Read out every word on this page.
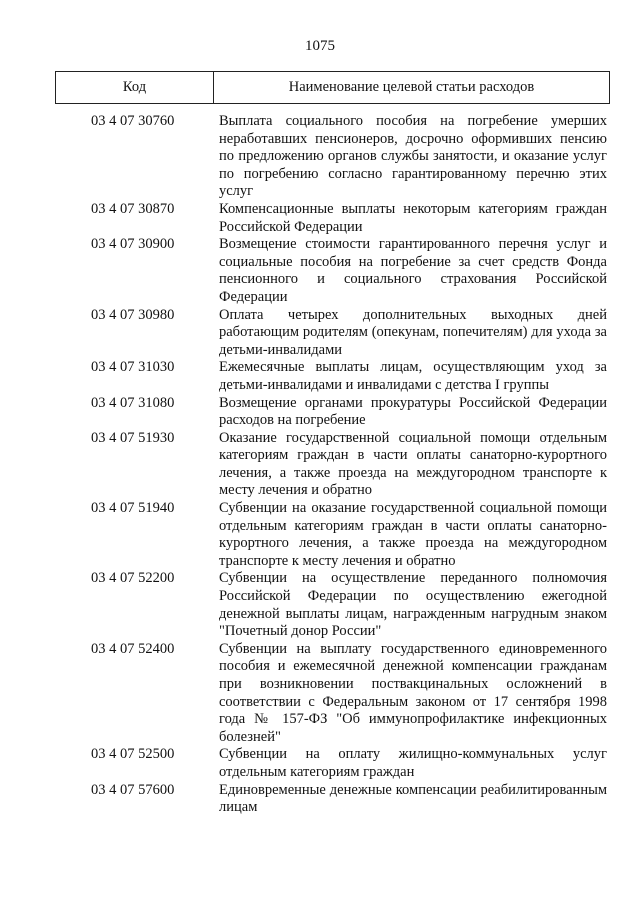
1075
Код	Наименование целевой статьи расходов
03 4 07 30760	Выплата социального пособия на погребение умерших неработавших пенсионеров, досрочно оформивших пенсию по предложению органов службы занятости, и оказание услуг по погребению согласно гарантированному перечню этих услуг
03 4 07 30870	Компенсационные выплаты некоторым категориям граждан Российской Федерации
03 4 07 30900	Возмещение стоимости гарантированного перечня услуг и социальные пособия на погребение за счет средств Фонда пенсионного и социального страхования Российской Федерации
03 4 07 30980	Оплата четырех дополнительных выходных дней работающим родителям (опекунам, попечителям) для ухода за детьми-инвалидами
03 4 07 31030	Ежемесячные выплаты лицам, осуществляющим уход за детьми-инвалидами и инвалидами с детства I группы
03 4 07 31080	Возмещение органами прокуратуры Российской Федерации расходов на погребение
03 4 07 51930	Оказание государственной социальной помощи отдельным категориям граждан в части оплаты санаторно-курортного лечения, а также проезда на междугородном транспорте к месту лечения и обратно
03 4 07 51940	Субвенции на оказание государственной социальной помощи отдельным категориям граждан в части оплаты санаторно-курортного лечения, а также проезда на междугородном транспорте к месту лечения и обратно
03 4 07 52200	Субвенции на осуществление переданного полномочия Российской Федерации по осуществлению ежегодной денежной выплаты лицам, награжденным нагрудным знаком "Почетный донор России"
03 4 07 52400	Субвенции на выплату государственного единовременного пособия и ежемесячной денежной компенсации гражданам при возникновении поствакцинальных осложнений в соответствии с Федеральным законом от 17 сентября 1998 года № 157-ФЗ "Об иммунопрофилактике инфекционных болезней"
03 4 07 52500	Субвенции на оплату жилищно-коммунальных услуг отдельным категориям граждан
03 4 07 57600	Единовременные денежные компенсации реабилитированным лицам
